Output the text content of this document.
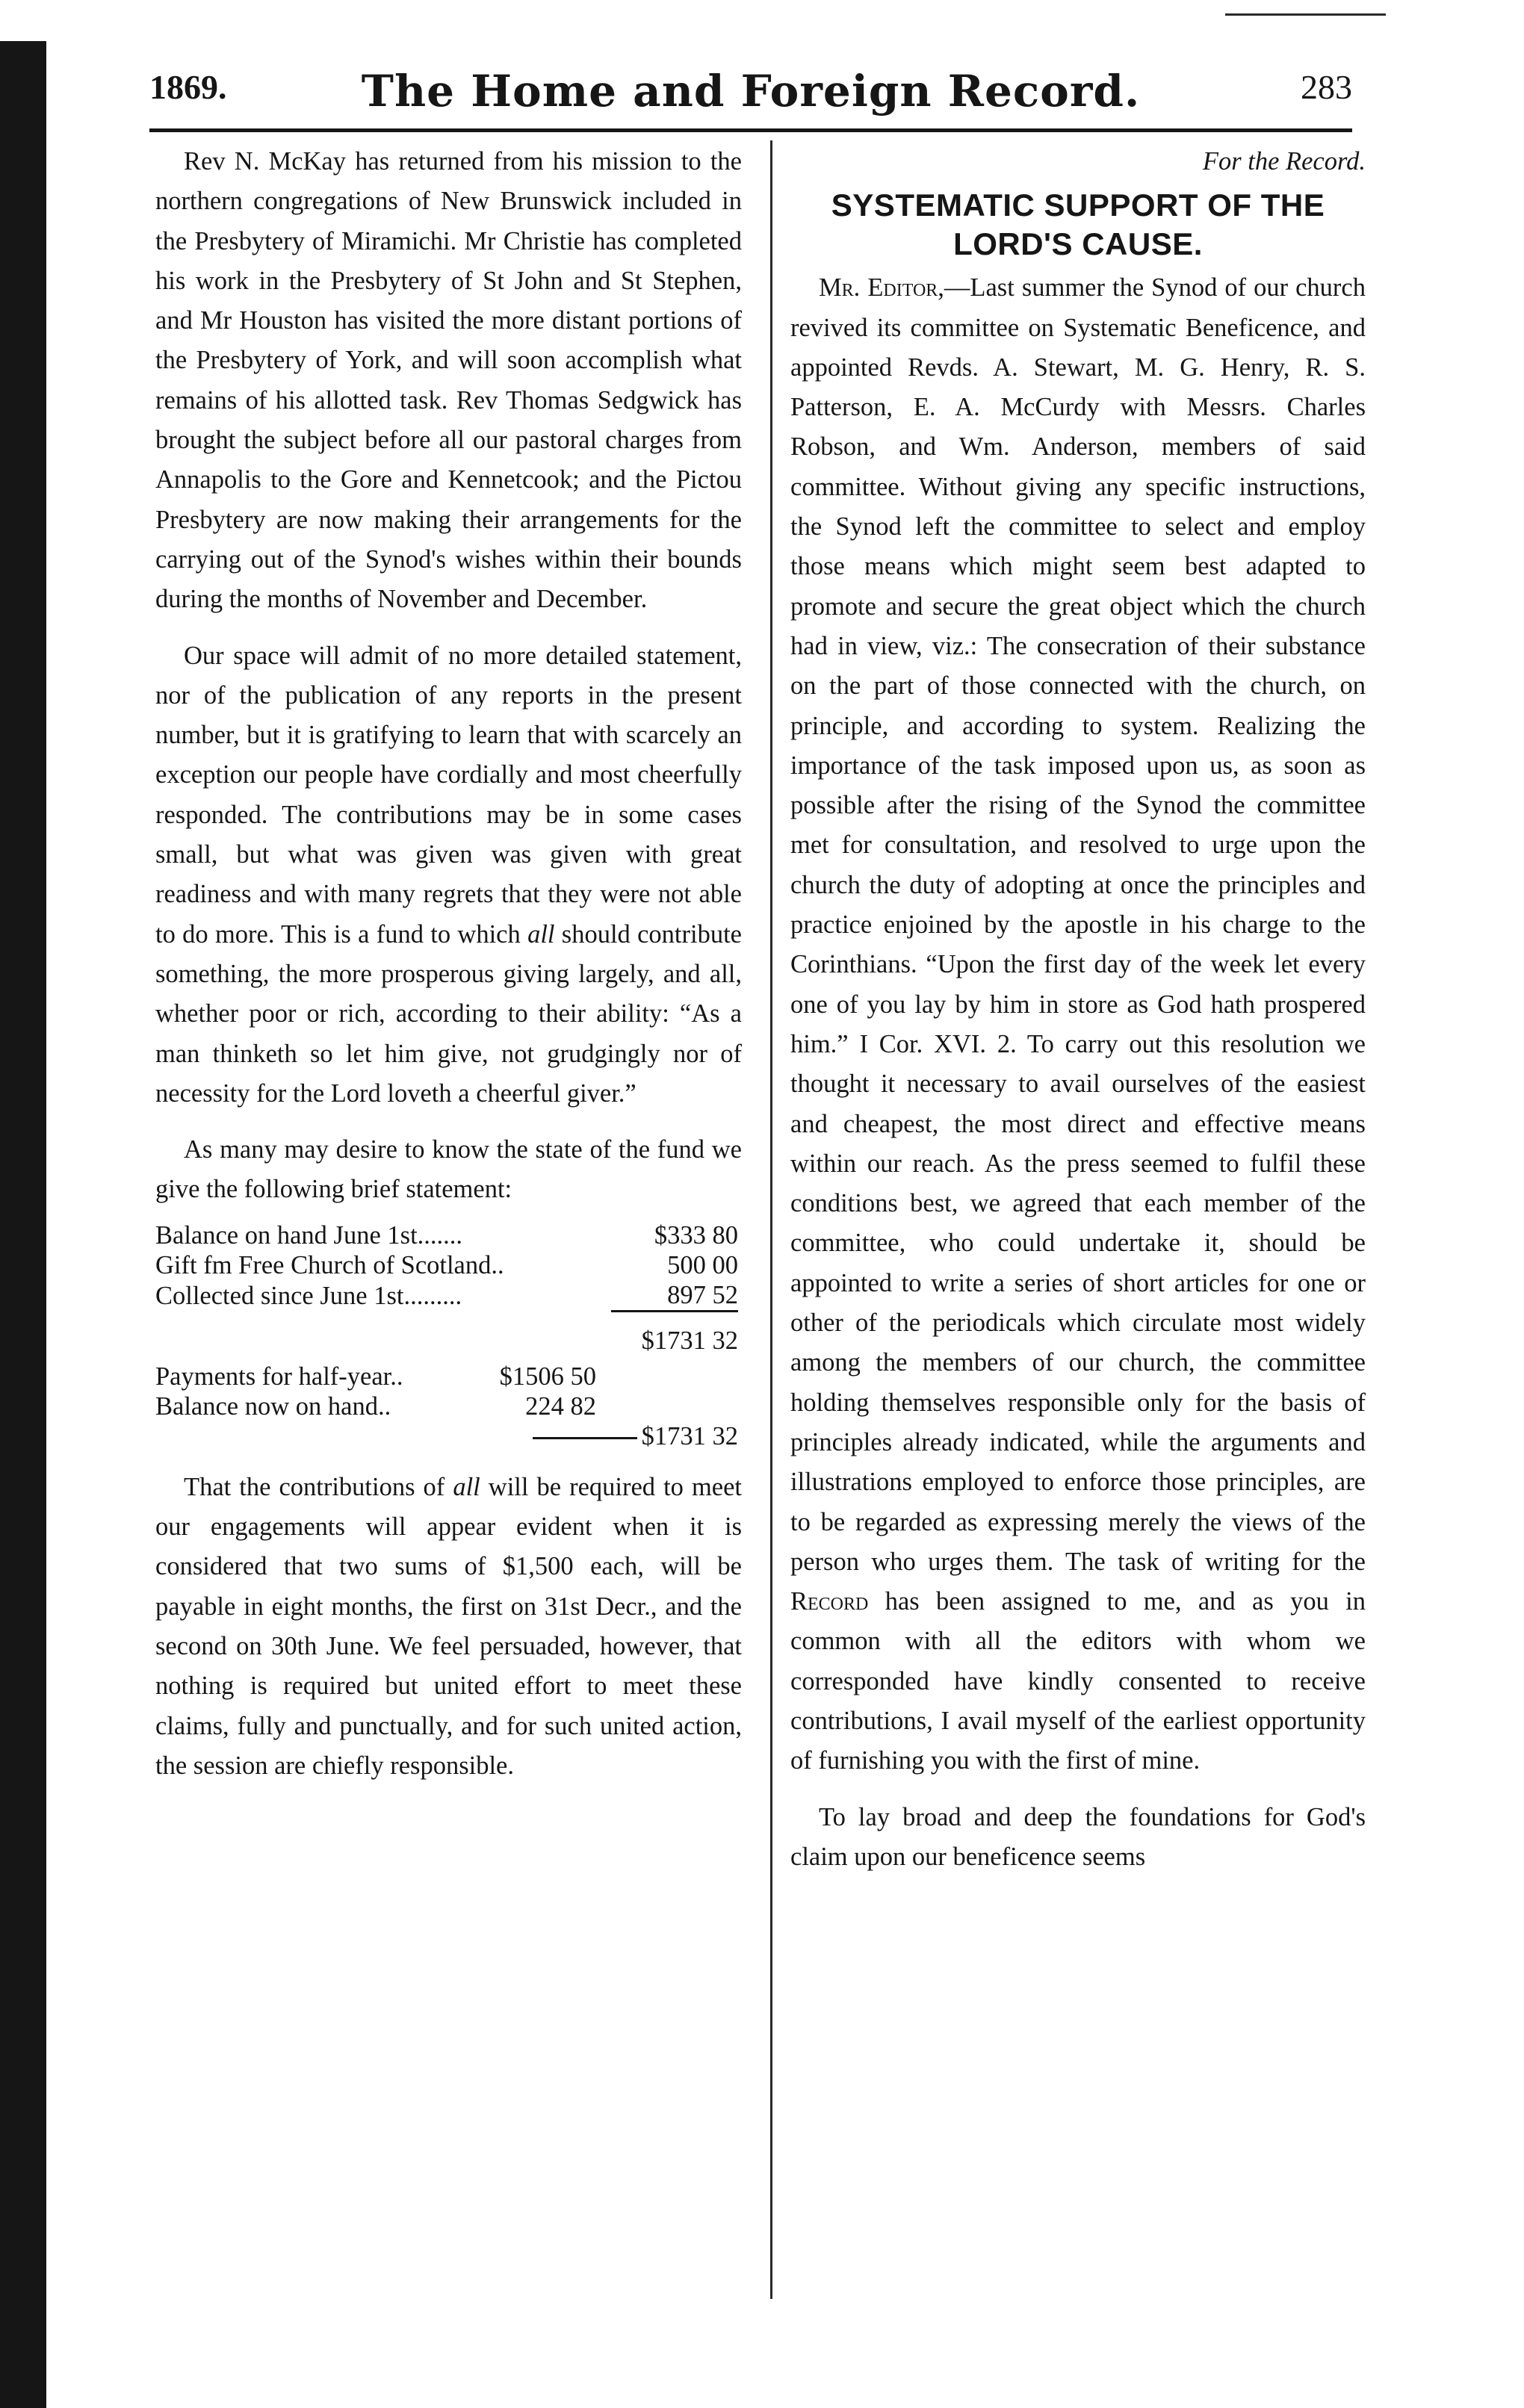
1869.	The Home and Foreign Record.	283

Rev N. McKay has returned from his mission to the northern congregations of New Brunswick included in the Presbytery of Miramichi. Mr Christie has completed his work in the Presbytery of St John and St Stephen, and Mr Houston has visited the more distant portions of the Presbytery of York, and will soon accomplish what remains of his allotted task. Rev Thomas Sedgwick has brought the subject before all our pastoral charges from Annapolis to the Gore and Kennetcook; and the Pictou Presbytery are now making their arrangements for the carrying out of the Synod's wishes within their bounds during the months of November and December.

Our space will admit of no more detailed statement, nor of the publication of any reports in the present number, but it is gratifying to learn that with scarcely an exception our people have cordially and most cheerfully responded. The contributions may be in some cases small, but what was given was given with great readiness and with many regrets that they were not able to do more. This is a fund to which all should contribute something, the more prosperous giving largely, and all, whether poor or rich, according to their ability: “As a man thinketh so let him give, not grudgingly nor of necessity for the Lord loveth a cheerful giver.”

As many may desire to know the state of the fund we give the following brief statement:

Balance on hand June 1st.......	$333 80
Gift fm Free Church of Scotland..	500 00
Collected since June 1st.........	897 52
	$1731 32
Payments for half-year..	$1506 50
Balance now on hand..	224 82
$1731 32

That the contributions of all will be required to meet our engagements will appear evident when it is considered that two sums of $1,500 each, will be payable in eight months, the first on 31st Decr., and the second on 30th June. We feel persuaded, however, that nothing is required but united effort to meet these claims, fully and punctually, and for such united action, the session are chiefly responsible.

For the Record.
SYSTEMATIC SUPPORT OF THE LORD'S CAUSE.

Mr. Editor,—Last summer the Synod of our church revived its committee on Systematic Beneficence, and appointed Revds. A. Stewart, M. G. Henry, R. S. Patterson, E. A. McCurdy with Messrs. Charles Robson, and Wm. Anderson, members of said committee. Without giving any specific instructions, the Synod left the committee to select and employ those means which might seem best adapted to promote and secure the great object which the church had in view, viz.: The consecration of their substance on the part of those connected with the church, on principle, and according to system. Realizing the importance of the task imposed upon us, as soon as possible after the rising of the Synod the committee met for consultation, and resolved to urge upon the church the duty of adopting at once the principles and practice enjoined by the apostle in his charge to the Corinthians. “Upon the first day of the week let every one of you lay by him in store as God hath prospered him.” I Cor. XVI. 2. To carry out this resolution we thought it necessary to avail ourselves of the easiest and cheapest, the most direct and effective means within our reach. As the press seemed to fulfil these conditions best, we agreed that each member of the committee, who could undertake it, should be appointed to write a series of short articles for one or other of the periodicals which circulate most widely among the members of our church, the committee holding themselves responsible only for the basis of principles already indicated, while the arguments and illustrations employed to enforce those principles, are to be regarded as expressing merely the views of the person who urges them. The task of writing for the Record has been assigned to me, and as you in common with all the editors with whom we corresponded have kindly consented to receive contributions, I avail myself of the earliest opportunity of furnishing you with the first of mine.

To lay broad and deep the foundations for God's claim upon our beneficence seems
